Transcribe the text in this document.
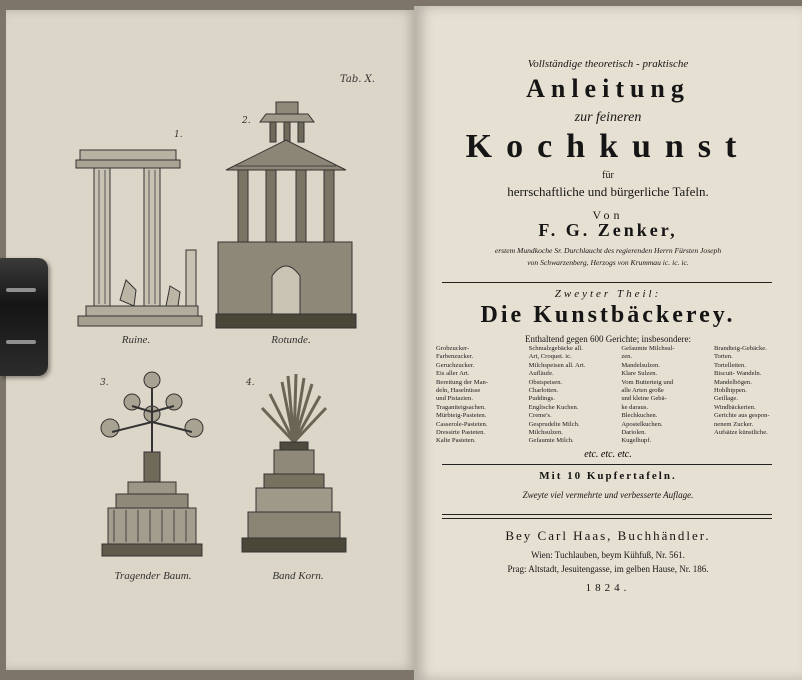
Tab. X.
1.
2.
3.	4.
Ruine.	Rotunde.
Tragender Baum.	Band Korn.
Vollständige theoretisch - praktische
Anleitung
zur feineren
Kochkunst
für
herrschaftliche und bürgerliche Tafeln.
Von
F. G. Zenker,
erstem Mundkoche Sr. Durchlaucht des regierenden Herrn Fürsten Joseph
von Schwarzenberg, Herzogs von Krummau ic. ic. ic.
Zweyter Theil:
Die Kunstbäckerey.
Enthaltend gegen 600 Gerichte; insbesondere:
Grobzucker-
Farbenzucker.
Geruchzucker.
Eis aller Art.
Bereitung der Man-
deln, Haselnüsse
und Pistazien.
Tragantteigsachen.
Mürbteig-Pasteten.
Casserole-Pasteten.
Dressirte Pasteten.
Kalte Pasteten.
Schmalzgebäcke all.
Art, Croquet. ic.
Milchspeisen all. Art.
Aufläufe.
Obstspeisen.
Charlotten.
Puddings.
Englische Kuchen.
Creme's.
Gesprudelte Milch.
Milchsulzen.
Gefaumte Milch.
Gefaumte Milchsul-
zen.
Mandelsulzen.
Klare Sulzen.
Vom Butterteig und
alle Arten große
und kleine Gebä-
ke daraus.
Blechkuchen.
Apostelkuchen.
Dariolen.
Kugelhupf.
Brandteig-Gebäcke.
Torten.
Tortelletten.
Biscuit- Wandeln.
Mandelbögen.
Hohlhippen.
Geillage.
Windbäckerien.
Gerichte aus gespon-
nenem Zucker.
Aufsätze künstliche.
etc. etc. etc.
Mit 10 Kupfertafeln.
Zweyte viel vermehrte und verbesserte Auflage.
Bey Carl Haas, Buchhändler.
Wien: Tuchlauben, beym Kühfuß, Nr. 561.
Prag: Altstadt, Jesuitengasse, im gelben Hause, Nr. 186.
1824.
